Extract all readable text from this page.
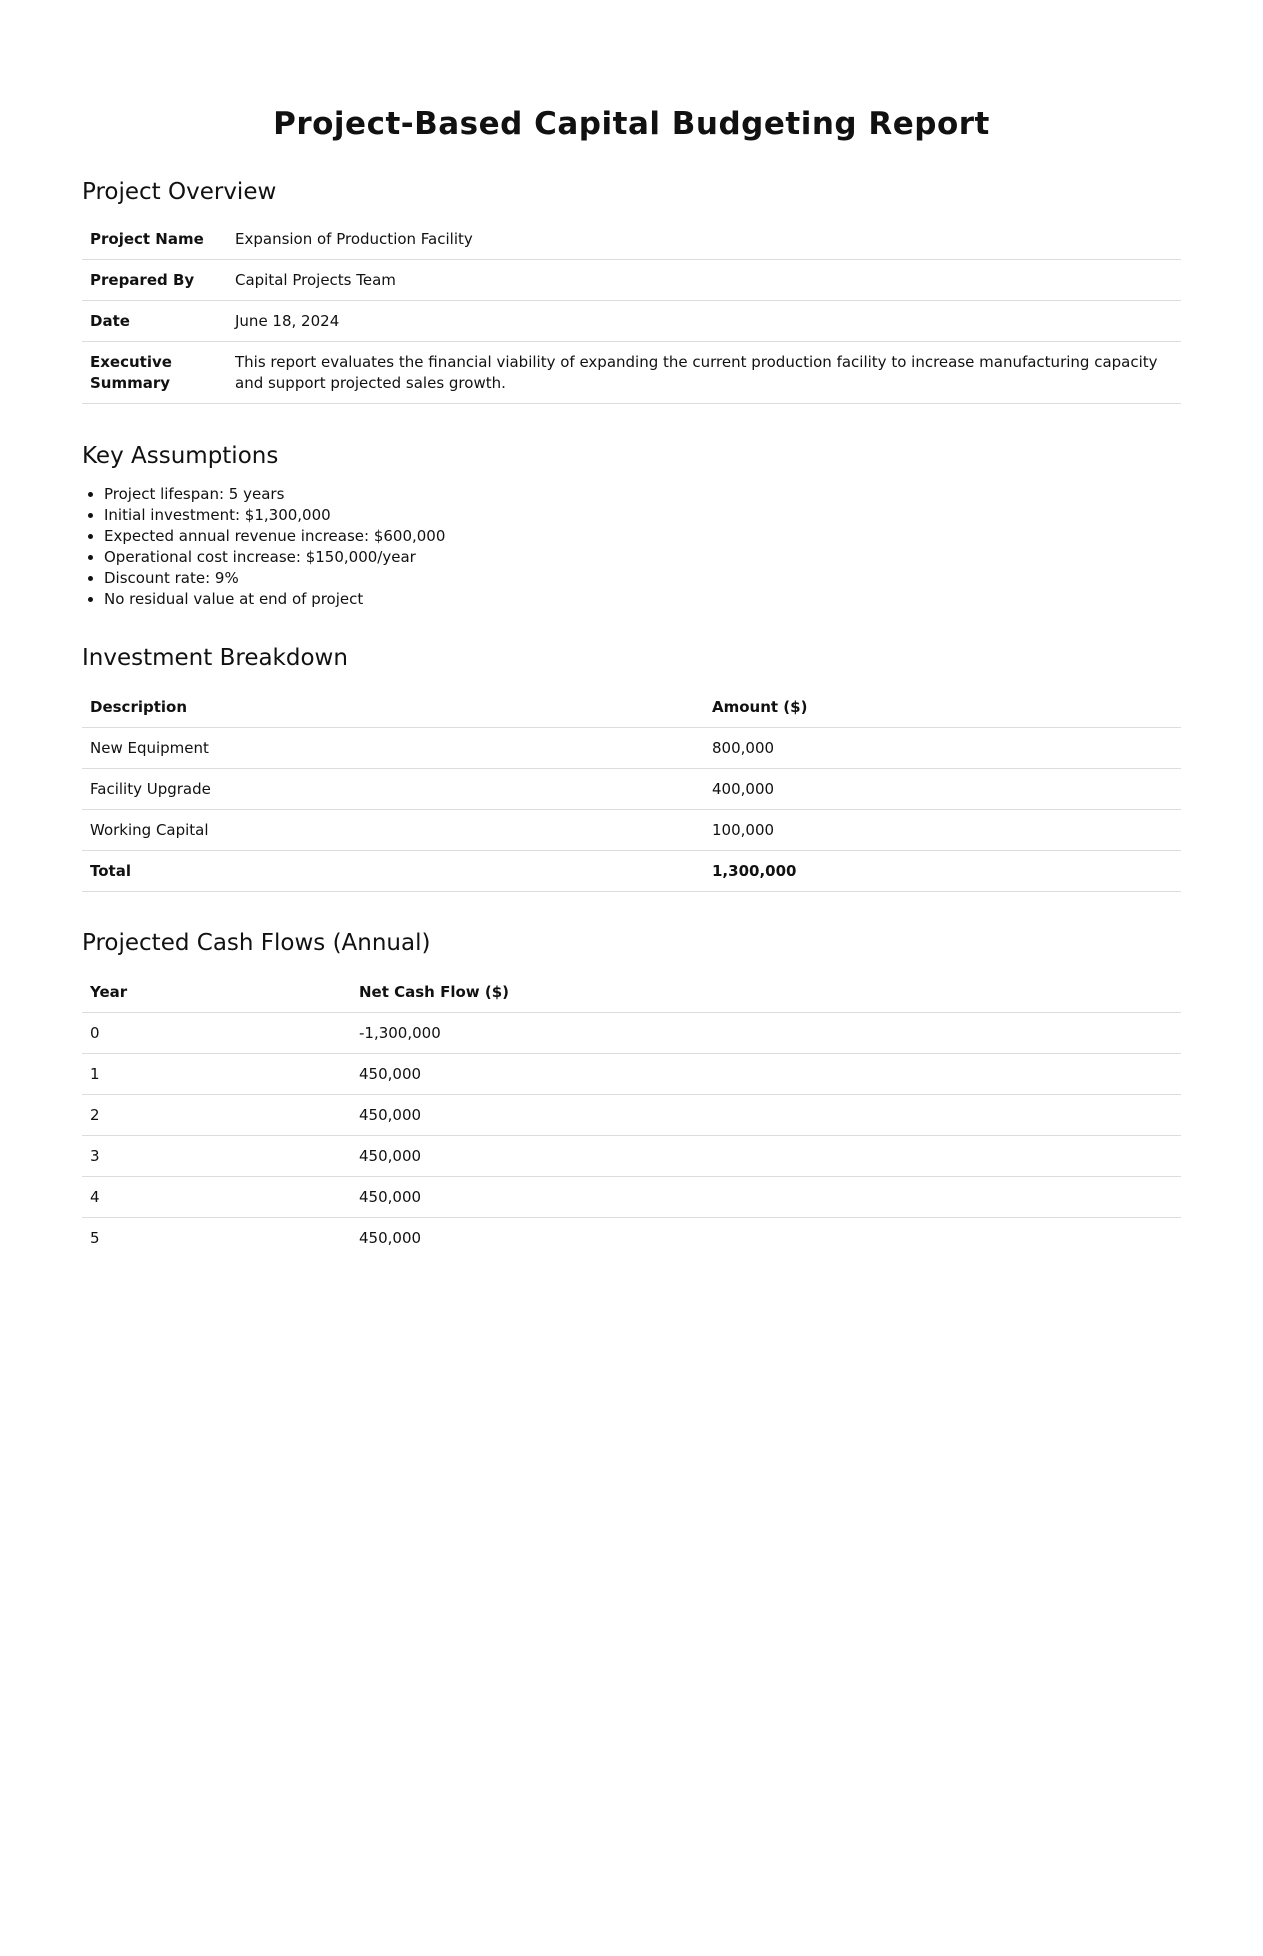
Project-Based Capital Budgeting Report
Project Overview
Project Name	Expansion of Production Facility
Prepared By	Capital Projects Team
Date	June 18, 2024
Executive Summary	This report evaluates the financial viability of expanding the current production facility to increase manufacturing capacity and support projected sales growth.
Key Assumptions
• Project lifespan: 5 years
• Initial investment: $1,300,000
• Expected annual revenue increase: $600,000
• Operational cost increase: $150,000/year
• Discount rate: 9%
• No residual value at end of project
Investment Breakdown
Description	Amount ($)
New Equipment	800,000
Facility Upgrade	400,000
Working Capital	100,000
Total	1,300,000
Projected Cash Flows (Annual)
Year	Net Cash Flow ($)
0	-1,300,000
1	450,000
2	450,000
3	450,000
4	450,000
5	450,000
